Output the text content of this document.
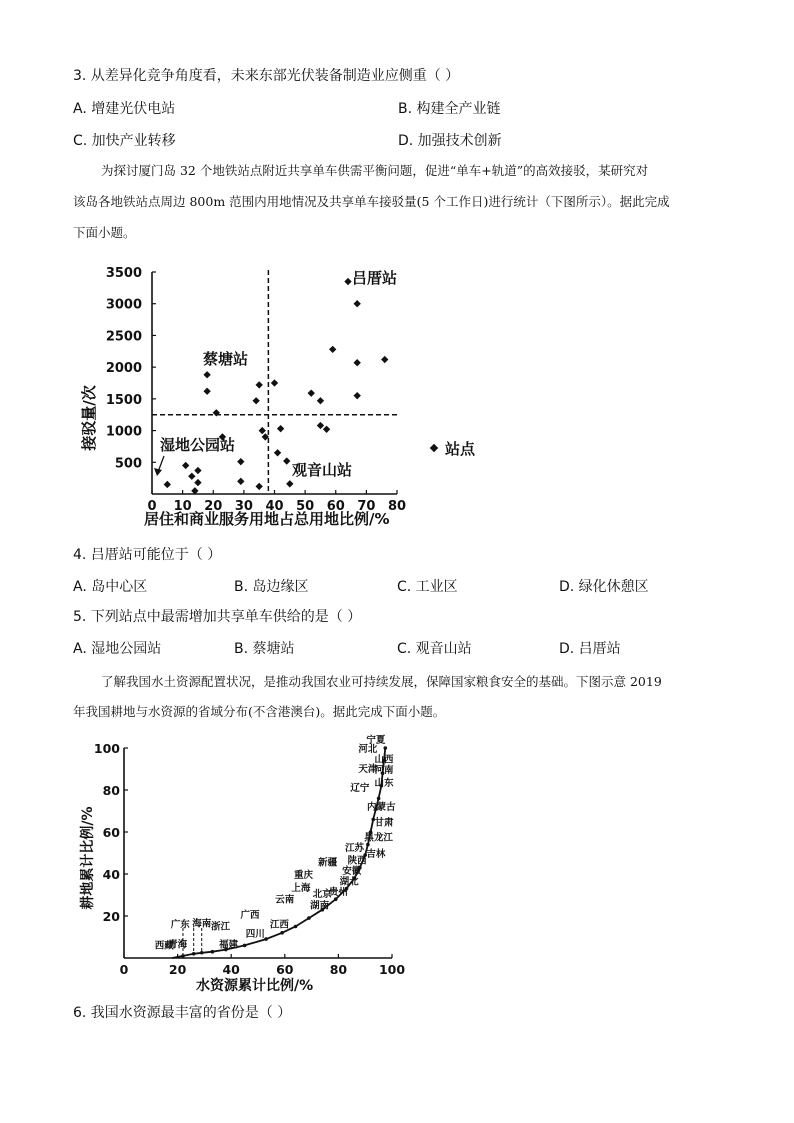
3. 从差异化竞争角度看，未来东部光伏装备制造业应侧重（ ）
A. 增建光伏电站	B. 构建全产业链
C. 加快产业转移	D. 加强技术创新
为探讨厦门岛 32 个地铁站点附近共享单车供需平衡问题，促进“单车+轨道”的高效接驳，某研究对
该岛各地铁站点周边 800m 范围内用地情况及共享单车接驳量(5 个工作日)进行统计（下图所示）。据此完成
下面小题。
0 10 20 30 40 50 60 70 80
500
1000
1500
2000
2500
3000
3500
居住和商业服务用地占总用地比例/%
接驳量/次
吕厝站
蔡塘站
湿地公园站
观音山站
站点
4. 吕厝站可能位于（ ）
A. 岛中心区	B. 岛边缘区	C. 工业区	D. 绿化休憩区
5. 下列站点中最需增加共享单车供给的是（ ）
A. 湿地公园站	B. 蔡塘站	C. 观音山站	D. 吕厝站
了解我国水土资源配置状况，是推动我国农业可持续发展，保障国家粮食安全的基础。下图示意 2019
年我国耕地与水资源的省域分布(不含港澳台)。据此完成下面小题。
0	20	40	60	80	100
20
40
60
80
100
宁夏
河北
山西
河南
天津
山东
辽宁
内蒙古
甘肃
黑龙江
吉林
江苏
陕西
安徽
新疆
湖北
重庆
贵州
上海
北京
云南
湖南
广西
江西
四川
广东 海南 浙江
福建
西藏
青海
水资源累计比例/%
耕地累计比例/%
6. 我国水资源最丰富的省份是（ ）
